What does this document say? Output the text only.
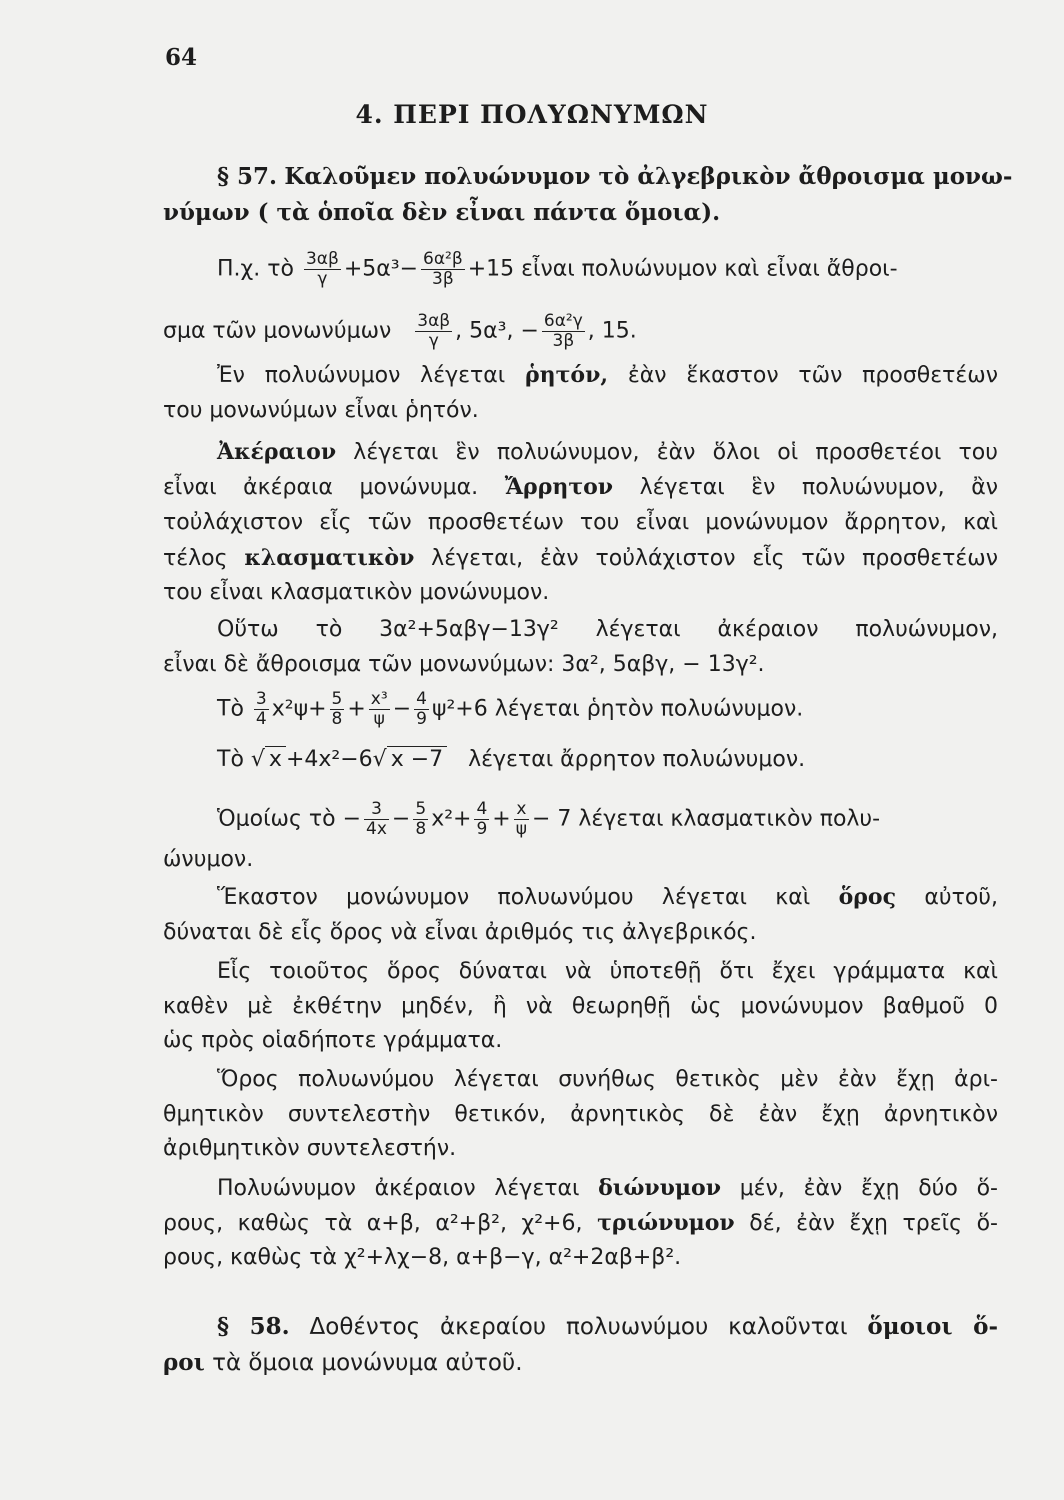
64
4. ΠΕΡΙ ΠΟΛΥΩΝΥΜΩΝ
§ 57. Καλοῦμεν πολυώνυμον τὸ ἀλγεβρικὸν ἄθροισμα μονω-
νύμων ( τὰ ὁποῖα δὲν εἶναι πάντα ὅμοια).
Π.χ. τὸ $\frac{3\alpha\beta}{\gamma} +5\alpha^3- \frac{\text{6α²β}}{3\beta} +15$ εἶναι πολυώνυμον καὶ εἶναι ἄθροι-
σμα τῶν μονωνύμων $\frac{3\alpha\beta}{\gamma}$ , 5α³, − $\frac{\text{6α²γ}}{3\beta}$ , 15.
Ἐν πολυώνυμον λέγεται ῥητόν, ἐὰν ἕκαστον τῶν προσθετέων
του μονωνύμων εἶναι ῥητόν.
Ἀκέραιον λέγεται ἓν πολυώνυμον, ἐὰν ὅλοι οἱ προσθετέοι του
εἶναι ἀκέραια μονώνυμα. Ἄρρητον λέγεται ἓν πολυώνυμον, ἂν
τοὐλάχιστον εἷς τῶν προσθετέων του εἶναι μονώνυμον ἄρρητον, καὶ
τέλος κλασματικὸν λέγεται, ἐὰν τοὐλάχιστον εἷς τῶν προσθετέων
του εἶναι κλασματικὸν μονώνυμον.
Οὕτω τὸ 3α²+5αβγ−13γ² λέγεται ἀκέραιον πολυώνυμον,
εἶναι δὲ ἄθροισμα τῶν μονωνύμων: 3α², 5αβγ, − 13γ².
Τὸ $\frac{3}{4} x^2\psi+ \frac{5}{8} + \frac{\text{x³}}{\psi} - \frac{4}{9} \psi^2+6$ λέγεται ῥητὸν πολυώνυμον.
Τὸ √ x +4x²−6√ x −7 λέγεται ἄρρητον πολυώνυμον.
Ὁμοίως τὸ − $\frac{3}{4x} - \frac{5}{8} x^2+ \frac{4}{9} + \frac{x}{\psi} - 7$ λέγεται κλασματικὸν πολυ-
ώνυμον.
Ἕκαστον μονώνυμον πολυωνύμου λέγεται καὶ ὅρος αὐτοῦ,
δύναται δὲ εἷς ὅρος νὰ εἶναι ἀριθμός τις ἀλγεβρικός.
Εἷς τοιοῦτος ὅρος δύναται νὰ ὑποτεθῇ ὅτι ἔχει γράμματα καὶ
καθὲν μὲ ἐκθέτην μηδέν, ἢ νὰ θεωρηθῇ ὡς μονώνυμον βαθμοῦ 0
ὡς πρὸς οἱαδήποτε γράμματα.
Ὅρος πολυωνύμου λέγεται συνήθως θετικὸς μὲν ἐὰν ἔχῃ ἀρι-
θμητικὸν συντελεστὴν θετικόν, ἀρνητικὸς δὲ ἐὰν ἔχῃ ἀρνητικὸν
ἀριθμητικὸν συντελεστήν.
Πολυώνυμον ἀκέραιον λέγεται διώνυμον μέν, ἐὰν ἔχῃ δύο ὅ-
ρους, καθὼς τὰ α+β, α²+β², χ²+6, τριώνυμον δέ, ἐὰν ἔχῃ τρεῖς ὅ-
ρους, καθὼς τὰ χ²+λχ−8, α+β−γ, α²+2αβ+β².
§ 58. Δοθέντος ἀκεραίου πολυωνύμου καλοῦνται ὅμοιοι ὅ-
ροι τὰ ὅμοια μονώνυμα αὐτοῦ.
